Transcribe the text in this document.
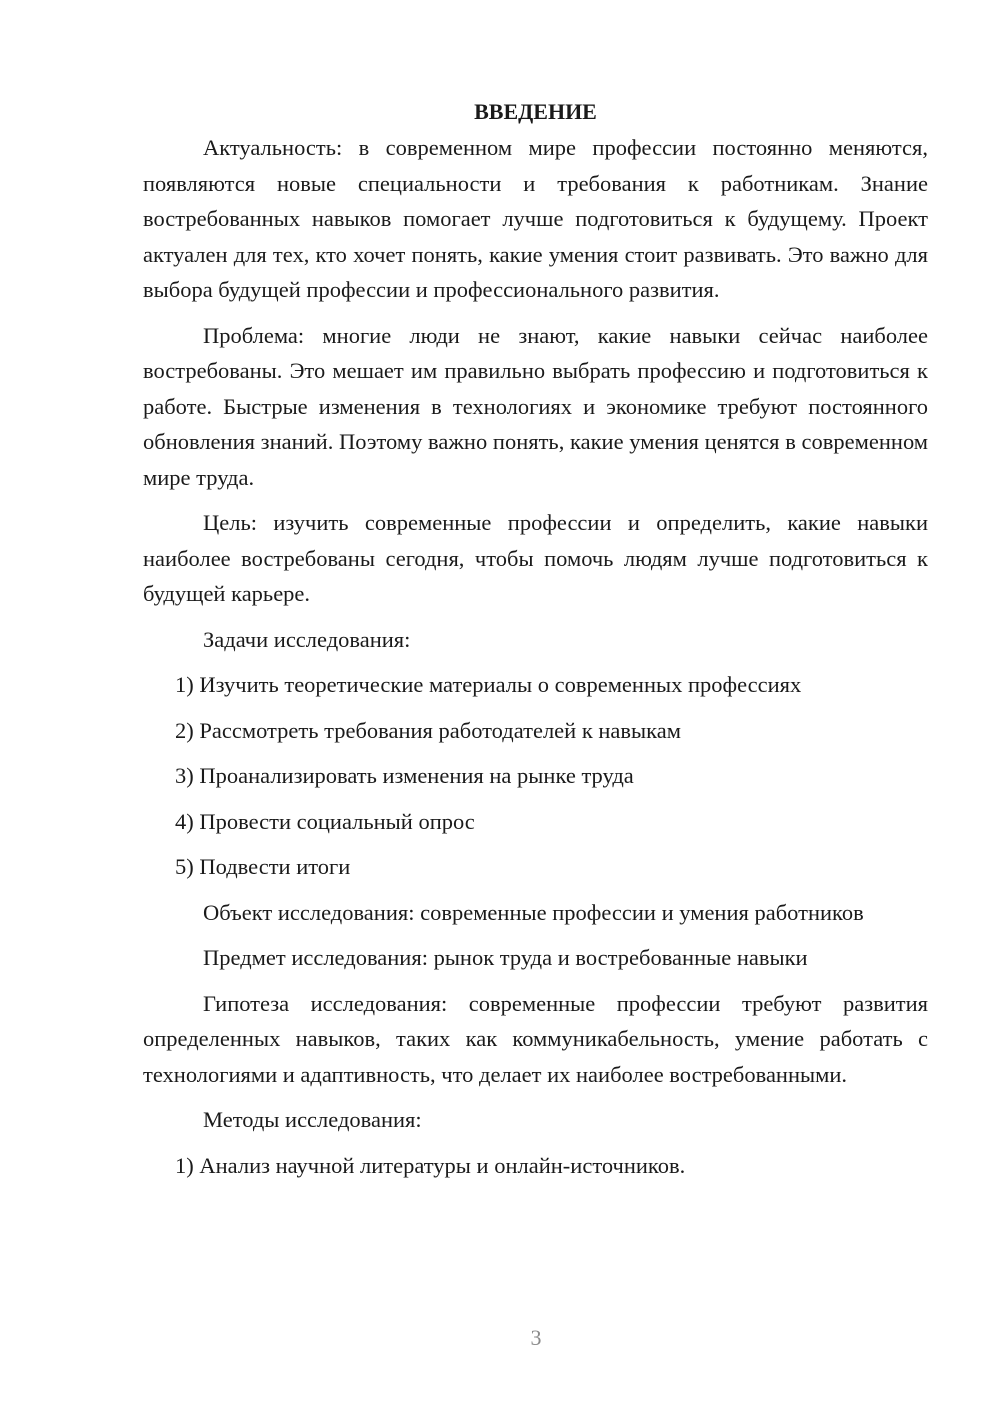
ВВЕДЕНИЕ

Актуальность: в современном мире профессии постоянно меняются, появляются новые специальности и требования к работникам. Знание востребованных навыков помогает лучше подготовиться к будущему. Проект актуален для тех, кто хочет понять, какие умения стоит развивать. Это важно для выбора будущей профессии и профессионального развития.

Проблема: многие люди не знают, какие навыки сейчас наиболее востребованы. Это мешает им правильно выбрать профессию и подготовиться к работе. Быстрые изменения в технологиях и экономике требуют постоянного обновления знаний. Поэтому важно понять, какие умения ценятся в современном мире труда.

Цель: изучить современные профессии и определить, какие навыки наиболее востребованы сегодня, чтобы помочь людям лучше подготовиться к будущей карьере.

Задачи исследования:

1) Изучить теоретические материалы о современных профессиях
2) Рассмотреть требования работодателей к навыкам
3) Проанализировать изменения на рынке труда
4) Провести социальный опрос
5) Подвести итоги

Объект исследования: современные профессии и умения работников

Предмет исследования: рынок труда и востребованные навыки

Гипотеза исследования: современные профессии требуют развития определенных навыков, таких как коммуникабельность, умение работать с технологиями и адаптивность, что делает их наиболее востребованными.

Методы исследования:

1) Анализ научной литературы и онлайн-источников.
3
